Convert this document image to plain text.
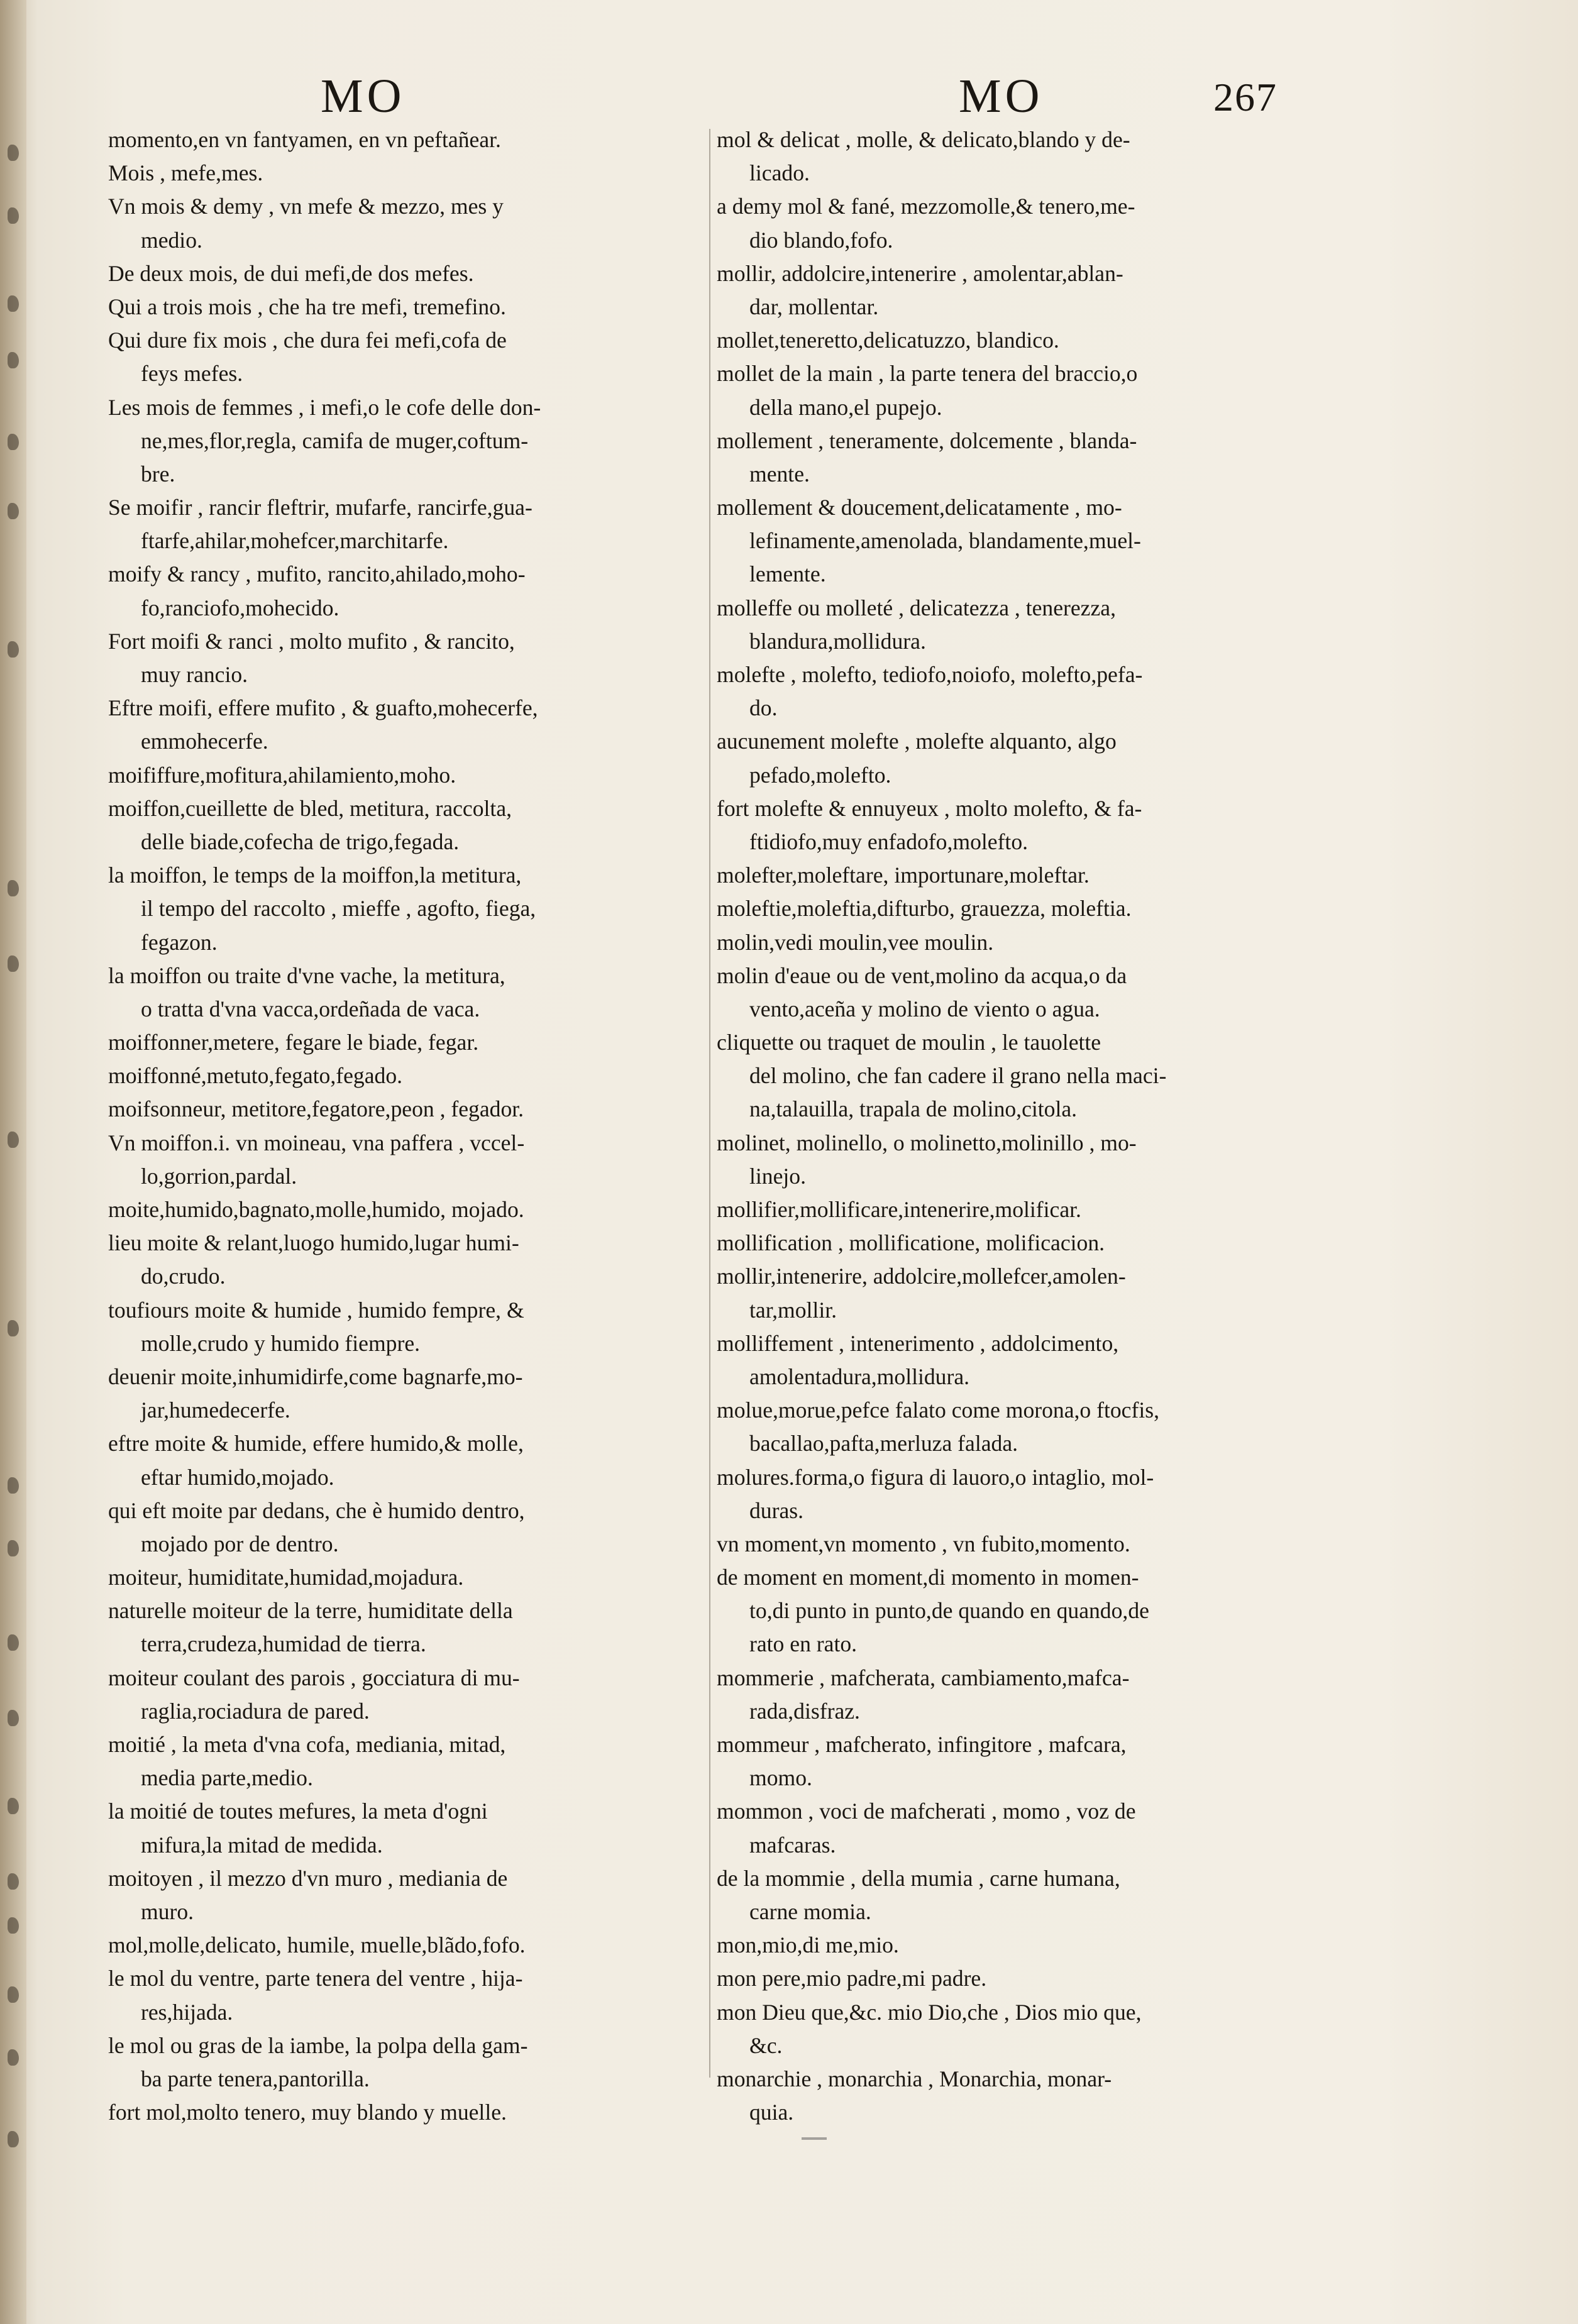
MO	MO	267
momento,en vn fantyamen, en vn peftañear.
Mois , mefe,mes.
Vn mois & demy , vn mefe & mezzo, mes y
medio.
De deux mois, de dui mefi,de dos mefes.
Qui a trois mois , che ha tre mefi, tremefino.
Qui dure fix mois , che dura fei mefi,cofa de
feys mefes.
Les mois de femmes , i mefi,o le cofe delle don-
ne,mes,flor,regla, camifa de muger,coftum-
bre.
Se moifir , rancir fleftrir, mufarfe, rancirfe,gua-
ftarfe,ahilar,mohefcer,marchitarfe.
moify & rancy , mufito, rancito,ahilado,moho-
fo,ranciofo,mohecido.
Fort moifi & ranci , molto mufito , & rancito,
muy rancio.
Eftre moifi, effere mufito , & guafto,mohecerfe,
emmohecerfe.
moififfure,mofitura,ahilamiento,moho.
moiffon,cueillette de bled, metitura, raccolta,
delle biade,cofecha de trigo,fegada.
la moiffon, le temps de la moiffon,la metitura,
il tempo del raccolto , mieffe , agofto, fiega,
fegazon.
la moiffon ou traite d'vne vache, la metitura,
o tratta d'vna vacca,ordeñada de vaca.
moiffonner,metere, fegare le biade, fegar.
moiffonné,metuto,fegato,fegado.
moifsonneur, metitore,fegatore,peon , fegador.
Vn moiffon.i. vn moineau, vna paffera , vccel-
lo,gorrion,pardal.
moite,humido,bagnato,molle,humido, mojado.
lieu moite & relant,luogo humido,lugar humi-
do,crudo.
toufiours moite & humide , humido fempre, &
molle,crudo y humido fiempre.
deuenir moite,inhumidirfe,come bagnarfe,mo-
jar,humedecerfe.
eftre moite & humide, effere humido,& molle,
eftar humido,mojado.
qui eft moite par dedans, che è humido dentro,
mojado por de dentro.
moiteur, humiditate,humidad,mojadura.
naturelle moiteur de la terre, humiditate della
terra,crudeza,humidad de tierra.
moiteur coulant des parois , gocciatura di mu-
raglia,rociadura de pared.
moitié , la meta d'vna cofa, mediania, mitad,
media parte,medio.
la moitié de toutes mefures, la meta d'ogni
mifura,la mitad de medida.
moitoyen , il mezzo d'vn muro , mediania de
muro.
mol,molle,delicato, humile, muelle,blãdo,fofo.
le mol du ventre, parte tenera del ventre , hija-
res,hijada.
le mol ou gras de la iambe, la polpa della gam-
ba parte tenera,pantorilla.
fort mol,molto tenero, muy blando y muelle.
mol & delicat , molle, & delicato,blando y de-
licado.
a demy mol & fané, mezzomolle,& tenero,me-
dio blando,fofo.
mollir, addolcire,intenerire , amolentar,ablan-
dar, mollentar.
mollet,teneretto,delicatuzzo, blandico.
mollet de la main , la parte tenera del braccio,o
della mano,el pupejo.
mollement , teneramente, dolcemente , blanda-
mente.
mollement & doucement,delicatamente , mo-
lefinamente,amenolada, blandamente,muel-
lemente.
molleffe ou molleté , delicatezza , tenerezza,
blandura,mollidura.
molefte , molefto, tediofo,noiofo, molefto,pefa-
do.
aucunement molefte , molefte alquanto, algo
pefado,molefto.
fort molefte & ennuyeux , molto molefto, & fa-
ftidiofo,muy enfadofo,molefto.
molefter,moleftare, importunare,moleftar.
moleftie,moleftia,difturbo, grauezza, moleftia.
molin,vedi moulin,vee moulin.
molin d'eaue ou de vent,molino da acqua,o da
vento,aceña y molino de viento o agua.
cliquette ou traquet de moulin , le tauolette
del molino, che fan cadere il grano nella maci-
na,talauilla, trapala de molino,citola.
molinet, molinello, o molinetto,molinillo , mo-
linejo.
mollifier,mollificare,intenerire,molificar.
mollification , mollificatione, molificacion.
mollir,intenerire, addolcire,mollefcer,amolen-
tar,mollir.
molliffement , intenerimento , addolcimento,
amolentadura,mollidura.
molue,morue,pefce falato come morona,o ftocfis,
bacallao,pafta,merluza falada.
molures.forma,o figura di lauoro,o intaglio, mol-
duras.
vn moment,vn momento , vn fubito,momento.
de moment en moment,di momento in momen-
to,di punto in punto,de quando en quando,de
rato en rato.
mommerie , mafcherata, cambiamento,mafca-
rada,disfraz.
mommeur , mafcherato, infingitore , mafcara,
momo.
mommon , voci de mafcherati , momo , voz de
mafcaras.
de la mommie , della mumia , carne humana,
carne momia.
mon,mio,di me,mio.
mon pere,mio padre,mi padre.
mon Dieu que,&c. mio Dio,che , Dios mio que,
&c.
monarchie , monarchia , Monarchia, monar-
quia.
